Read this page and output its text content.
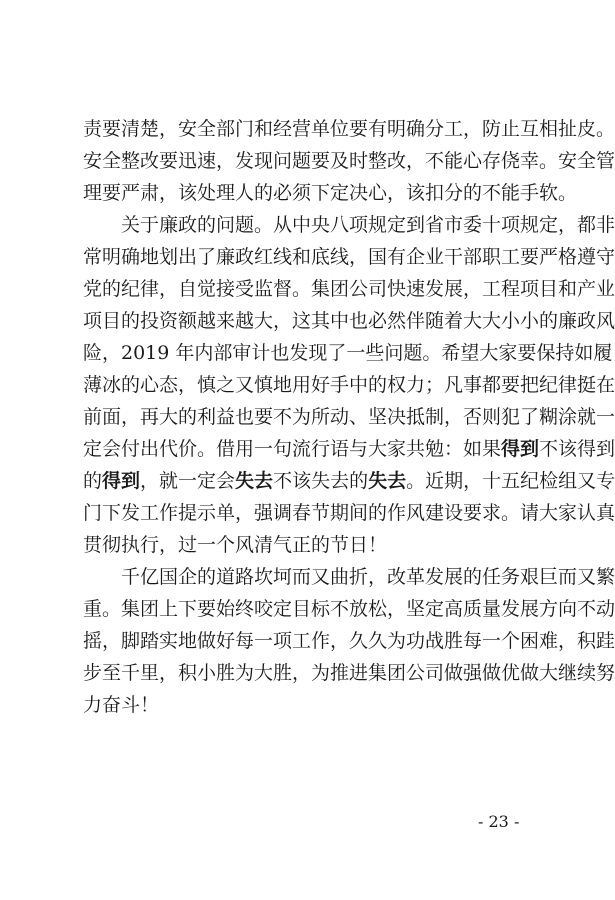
责要清楚，安全部门和经营单位要有明确分工，防止互相扯皮。
安全整改要迅速，发现问题要及时整改，不能心存侥幸。安全管
理要严肃，该处理人的必须下定决心，该扣分的不能手软。
关于廉政的问题。从中央八项规定到省市委十项规定，都非
常明确地划出了廉政红线和底线，国有企业干部职工要严格遵守
党的纪律，自觉接受监督。集团公司快速发展，工程项目和产业
项目的投资额越来越大，这其中也必然伴随着大大小小的廉政风
险，2019 年内部审计也发现了一些问题。希望大家要保持如履
薄冰的心态，慎之又慎地用好手中的权力；凡事都要把纪律挺在
前面，再大的利益也要不为所动、坚决抵制，否则犯了糊涂就一
定会付出代价。借用一句流行语与大家共勉：如果得到不该得到
的得到，就一定会失去不该失去的失去。近期，十五纪检组又专
门下发工作提示单，强调春节期间的作风建设要求。请大家认真
贯彻执行，过一个风清气正的节日！
千亿国企的道路坎坷而又曲折，改革发展的任务艰巨而又繁
重。集团上下要始终咬定目标不放松，坚定高质量发展方向不动
摇，脚踏实地做好每一项工作，久久为功战胜每一个困难，积跬
步至千里，积小胜为大胜，为推进集团公司做强做优做大继续努
力奋斗！
- 23 -
